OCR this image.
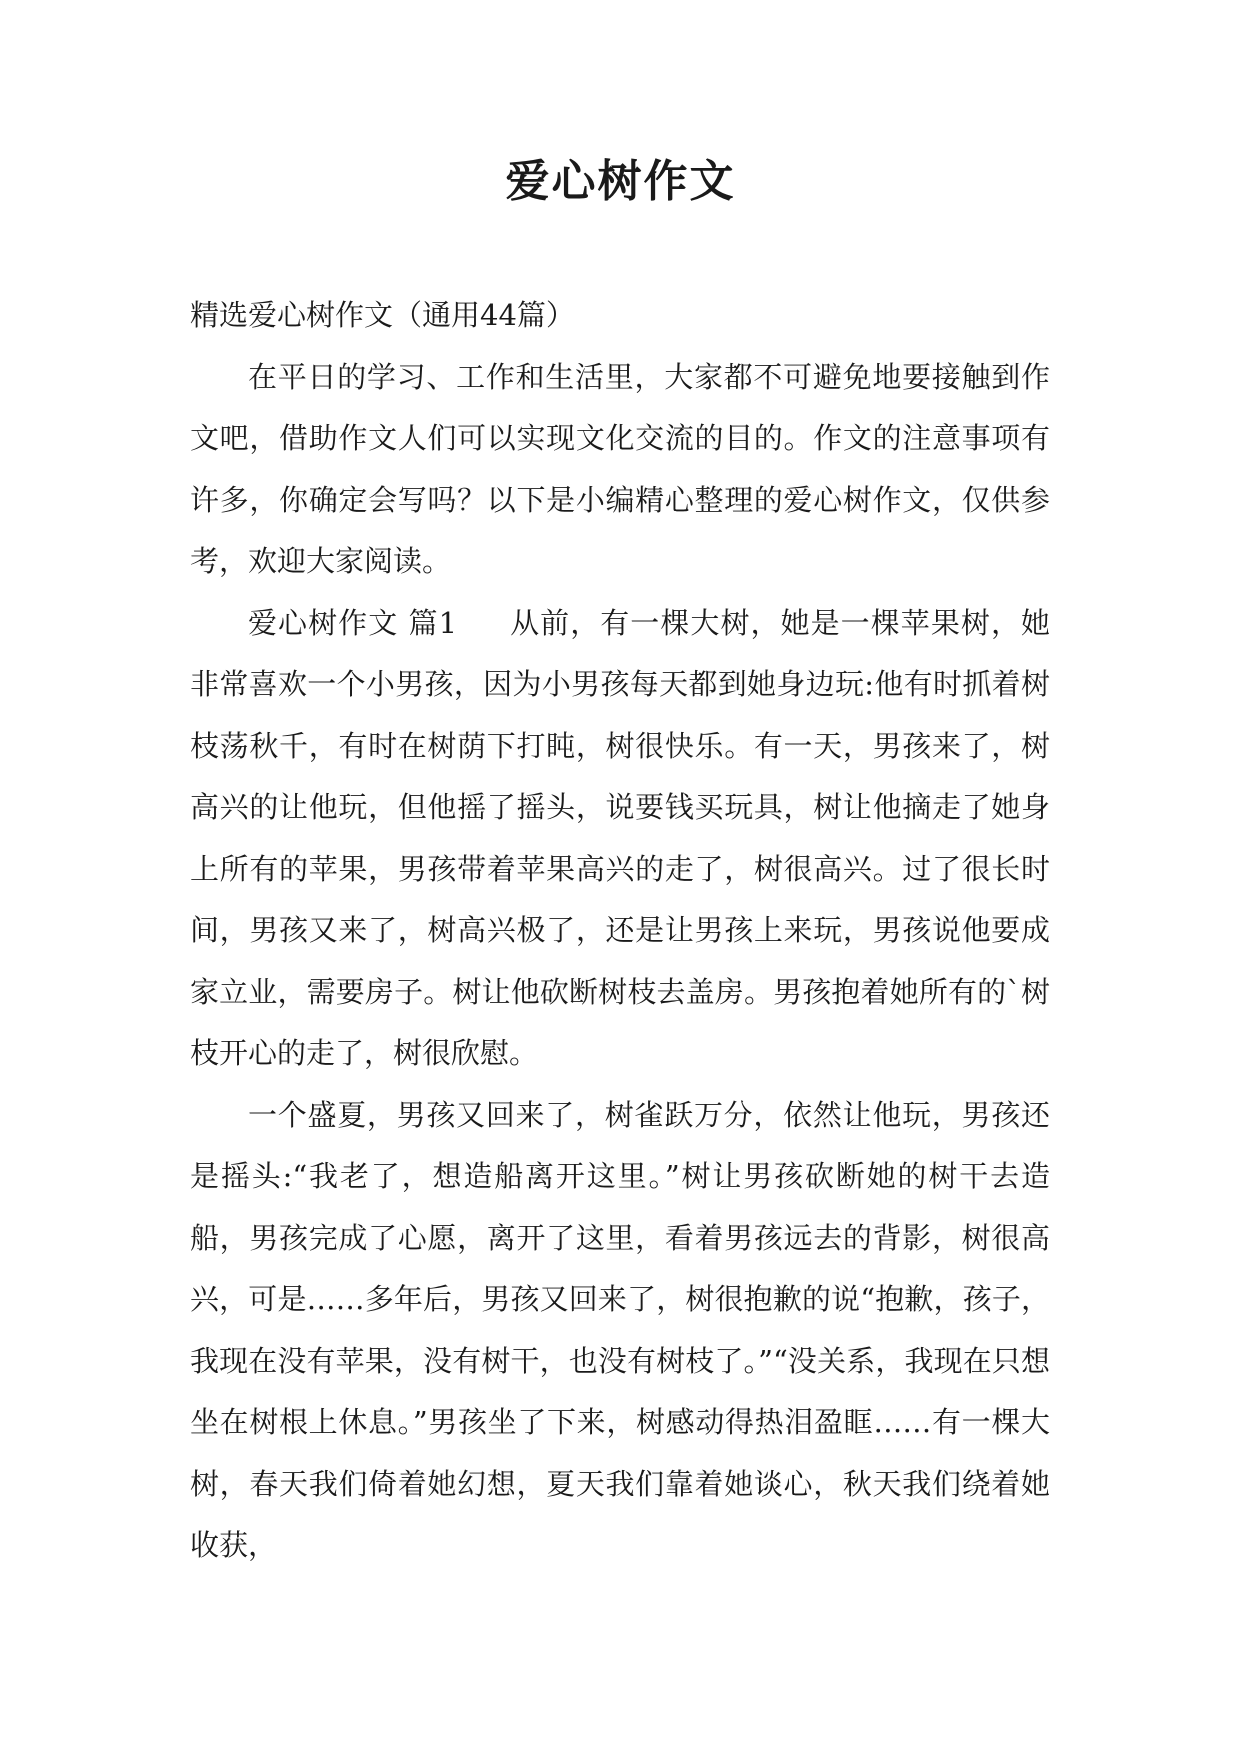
爱心树作文

精选爱心树作文（通用44篇）

在平日的学习、工作和生活里，大家都不可避免地要接触到作文吧，借助作文人们可以实现文化交流的目的。作文的注意事项有许多，你确定会写吗？以下是小编精心整理的爱心树作文，仅供参考，欢迎大家阅读。

爱心树作文 篇1 从前，有一棵大树，她是一棵苹果树，她非常喜欢一个小男孩，因为小男孩每天都到她身边玩:他有时抓着树枝荡秋千，有时在树荫下打盹，树很快乐。有一天，男孩来了，树高兴的让他玩，但他摇了摇头，说要钱买玩具，树让他摘走了她身上所有的苹果，男孩带着苹果高兴的走了，树很高兴。过了很长时间，男孩又来了，树高兴极了，还是让男孩上来玩，男孩说他要成家立业，需要房子。树让他砍断树枝去盖房。男孩抱着她所有的`树枝开心的走了，树很欣慰。

一个盛夏，男孩又回来了，树雀跃万分，依然让他玩，男孩还是摇头:“我老了，想造船离开这里。”树让男孩砍断她的树干去造船，男孩完成了心愿，离开了这里，看着男孩远去的背影，树很高兴，可是……多年后，男孩又回来了，树很抱歉的说“抱歉，孩子，我现在没有苹果，没有树干，也没有树枝了。”“没关系，我现在只想坐在树根上休息。”男孩坐了下来，树感动得热泪盈眶……有一棵大树，春天我们倚着她幻想，夏天我们靠着她谈心，秋天我们绕着她收获，
